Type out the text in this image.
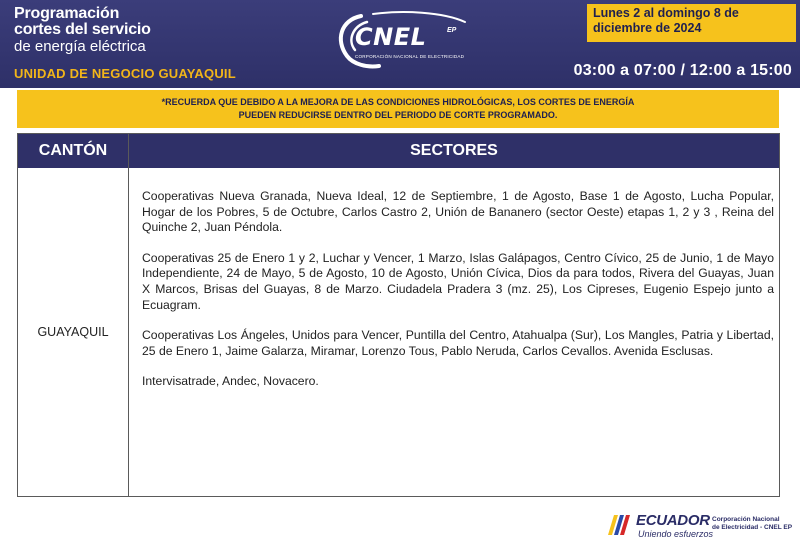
Programación
cortes del servicio
de energía eléctrica
UNIDAD DE NEGOCIO GUAYAQUIL
CNEL	EP
CORPORACIÓN NACIONAL DE ELECTRICIDAD
Lunes 2 al domingo 8 de
diciembre de 2024
03:00 a 07:00 / 12:00 a 15:00
*RECUERDA QUE DEBIDO A LA MEJORA DE LAS CONDICIONES HIDROLÓGICAS, LOS CORTES DE ENERGÍA
PUEDEN REDUCIRSE DENTRO DEL PERIODO DE CORTE PROGRAMADO.
CANTÓN	SECTORES
GUAYAQUIL

Cooperativas Nueva Granada, Nueva Ideal, 12 de Septiembre, 1 de Agosto, Base 1 de Agosto, Lucha Popular, Hogar de los Pobres, 5 de Octubre, Carlos Castro 2, Unión de Bananero (sector Oeste) etapas 1, 2 y 3 , Reina del Quinche 2, Juan Péndola.

Cooperativas 25 de Enero 1 y 2, Luchar y Vencer, 1 Marzo, Islas Galápagos, Centro Cívico, 25 de Junio, 1 de Mayo Independiente, 24 de Mayo, 5 de Agosto, 10 de Agosto, Unión Cívica, Dios da para todos, Rivera del Guayas, Juan X Marcos, Brisas del Guayas, 8 de Marzo. Ciudadela Pradera 3 (mz. 25), Los Cipreses, Eugenio Espejo junto a Ecuagram.

Cooperativas Los Ángeles, Unidos para Vencer, Puntilla del Centro, Atahualpa (Sur), Los Mangles, Patria y Libertad, 25 de Enero 1, Jaime Galarza, Miramar, Lorenzo Tous, Pablo Neruda, Carlos Cevallos. Avenida Esclusas.

Intervisatrade, Andec, Novacero.

ECUADOR
Uniendo esfuerzos
Corporación Nacional
de Electricidad - CNEL EP
